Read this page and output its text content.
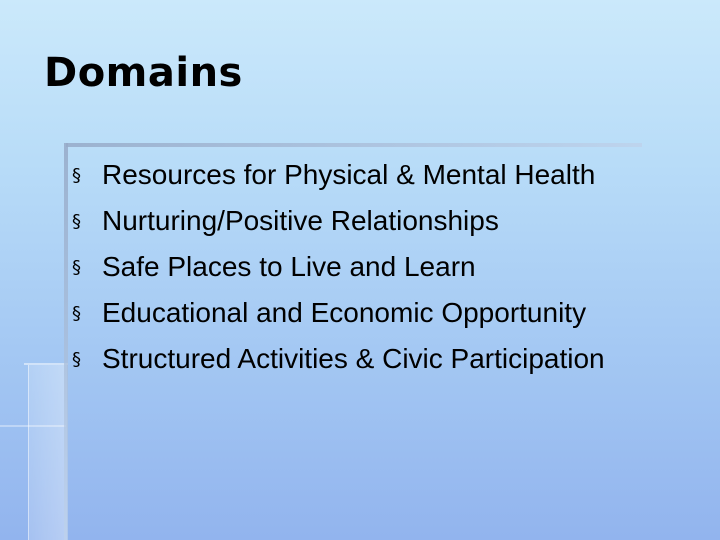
Domains
§ Resources for Physical & Mental Health
§ Nurturing/Positive Relationships
§ Safe Places to Live and Learn
§ Educational and Economic Opportunity
§ Structured Activities & Civic Participation
